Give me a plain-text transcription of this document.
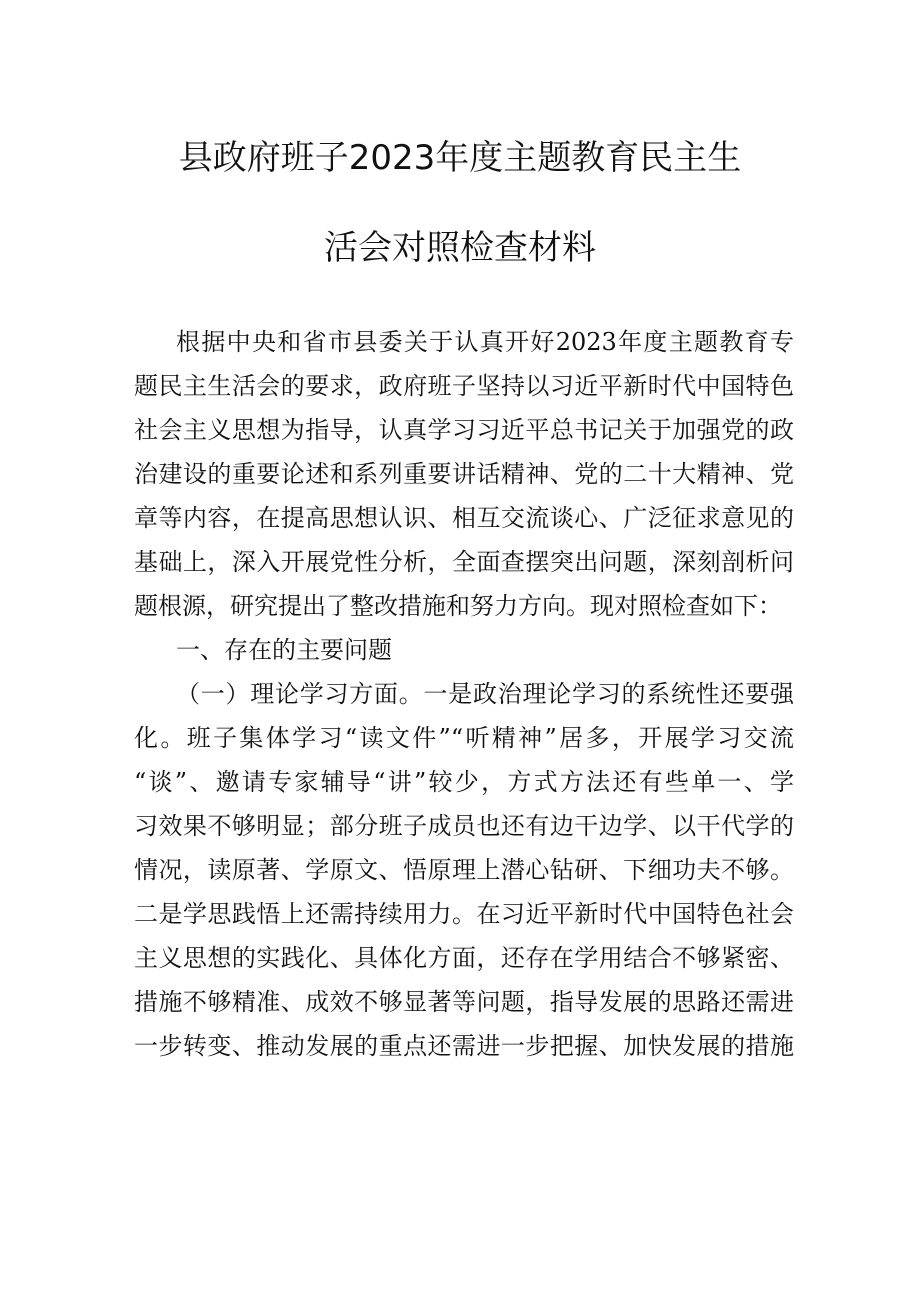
县政府班子2023年度主题教育民主生
活会对照检查材料
根据中央和省市县委关于认真开好2023年度主题教育专
题民主生活会的要求，政府班子坚持以习近平新时代中国特色
社会主义思想为指导，认真学习习近平总书记关于加强党的政
治建设的重要论述和系列重要讲话精神、党的二十大精神、党
章等内容，在提高思想认识、相互交流谈心、广泛征求意见的
基础上，深入开展党性分析，全面查摆突出问题，深刻剖析问
题根源，研究提出了整改措施和努力方向。现对照检查如下：
一、存在的主要问题
（一）理论学习方面。一是政治理论学习的系统性还要强
化。班子集体学习“读文件”“听精神”居多，开展学习交流
“谈”、邀请专家辅导“讲”较少，方式方法还有些单一、学
习效果不够明显；部分班子成员也还有边干边学、以干代学的
情况，读原著、学原文、悟原理上潜心钻研、下细功夫不够。
二是学思践悟上还需持续用力。在习近平新时代中国特色社会
主义思想的实践化、具体化方面，还存在学用结合不够紧密、
措施不够精准、成效不够显著等问题，指导发展的思路还需进
一步转变、推动发展的重点还需进一步把握、加快发展的措施
